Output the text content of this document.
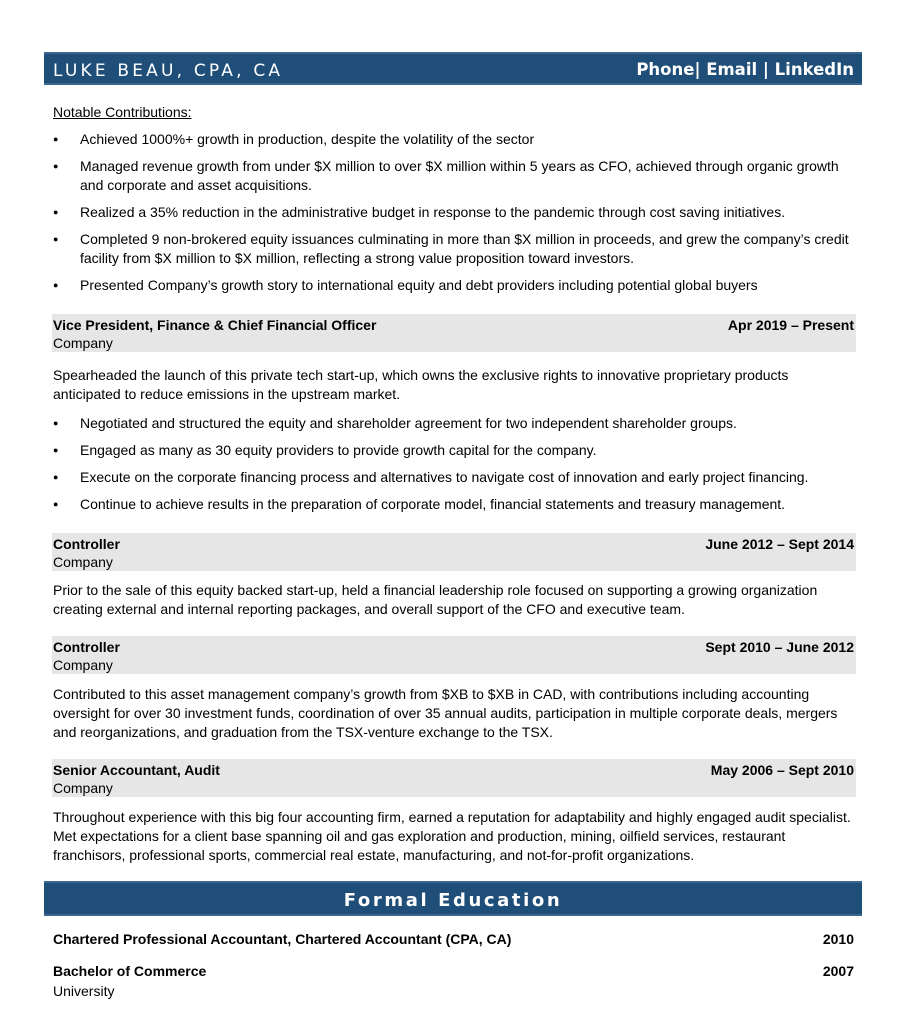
LUKE BEAU, CPA, CA	Phone| Email | LinkedIn
Notable Contributions:
● Achieved 1000%+ growth in production, despite the volatility of the sector
● Managed revenue growth from under $X million to over $X million within 5 years as CFO, achieved through organic growth and corporate and asset acquisitions.
● Realized a 35% reduction in the administrative budget in response to the pandemic through cost saving initiatives.
● Completed 9 non-brokered equity issuances culminating in more than $X million in proceeds, and grew the company’s credit facility from $X million to $X million, reflecting a strong value proposition toward investors.
● Presented Company’s growth story to international equity and debt providers including potential global buyers
Vice President, Finance & Chief Financial Officer	Apr 2019 – Present
Company

Spearheaded the launch of this private tech start-up, which owns the exclusive rights to innovative proprietary products anticipated to reduce emissions in the upstream market.

● Negotiated and structured the equity and shareholder agreement for two independent shareholder groups.
● Engaged as many as 30 equity providers to provide growth capital for the company.
● Execute on the corporate financing process and alternatives to navigate cost of innovation and early project financing.
● Continue to achieve results in the preparation of corporate model, financial statements and treasury management.
Controller	June 2012 – Sept 2014
Company

Prior to the sale of this equity backed start-up, held a financial leadership role focused on supporting a growing organization creating external and internal reporting packages, and overall support of the CFO and executive team.

Controller	Sept 2010 – June 2012
Company

Contributed to this asset management company’s growth from $XB to $XB in CAD, with contributions including accounting oversight for over 30 investment funds, coordination of over 35 annual audits, participation in multiple corporate deals, mergers and reorganizations, and graduation from the TSX-venture exchange to the TSX.

Senior Accountant, Audit	May 2006 – Sept 2010
Company

Throughout experience with this big four accounting firm, earned a reputation for adaptability and highly engaged audit specialist. Met expectations for a client base spanning oil and gas exploration and production, mining, oilfield services, restaurant franchisors, professional sports, commercial real estate, manufacturing, and not-for-profit organizations.

Formal Education
Chartered Professional Accountant, Chartered Accountant (CPA, CA)	2010
Bachelor of Commerce	2007
University
